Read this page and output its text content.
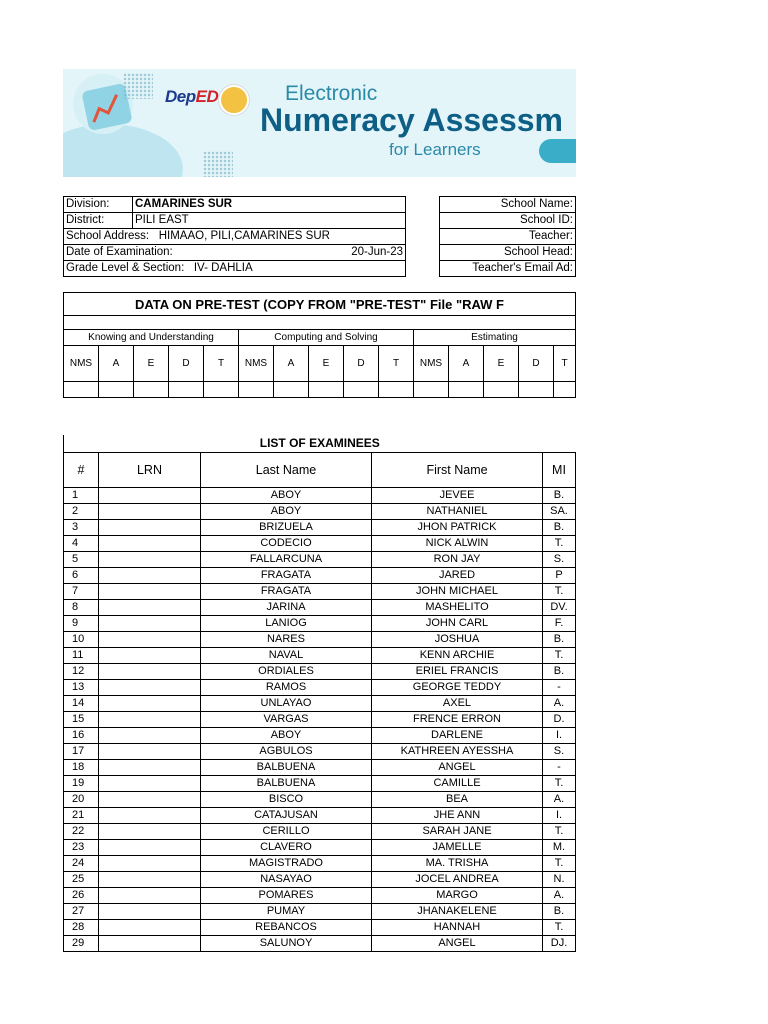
DepED	Electronic
Numeracy Assessm
for Learners
Division:	CAMARINES SUR
District:	PILI EAST
School Address: HIMAAO, PILI,CAMARINES SUR	
Date of Examination: 20-Jun-23	

Grade Level & Section: IV- DAHLIA	
School Name:
School ID:
Teacher:
School Head:
Teacher's Email Ad:
DATA ON PRE-TEST (COPY FROM "PRE-TEST" File "RAW F														

Knowing and Understanding					Computing and Solving					Estimating				
NMS	A	E	D	T	NMS	A	E	D	T	NMS	A	E	D	T

LIST OF EXAMINEES				
#	LRN	Last Name	First Name	MI
1		ABOY	JEVEE	B.
2		ABOY	NATHANIEL	SA.
3		BRIZUELA	JHON PATRICK	B.
4		CODECIO	NICK ALWIN	T.
5		FALLARCUNA	RON JAY	S.
6		FRAGATA	JARED	P
7		FRAGATA	JOHN MICHAEL	T.
8		JARINA	MASHELITO	DV.
9		LANIOG	JOHN CARL	F.
10		NARES	JOSHUA	B.
11		NAVAL	KENN ARCHIE	T.
12		ORDIALES	ERIEL FRANCIS	B.
13		RAMOS	GEORGE TEDDY	-
14		UNLAYAO	AXEL	A.
15		VARGAS	FRENCE ERRON	D.
16		ABOY	DARLENE	I.
17		AGBULOS	KATHREEN AYESSHA	S.
18		BALBUENA	ANGEL	-
19		BALBUENA	CAMILLE	T.
20		BISCO	BEA	A.
21		CATAJUSAN	JHE ANN	I.
22		CERILLO	SARAH JANE	T.
23		CLAVERO	JAMELLE	M.
24		MAGISTRADO	MA. TRISHA	T.
25		NASAYAO	JOCEL ANDREA	N.
26		POMARES	MARGO	A.
27		PUMAY	JHANAKELENE	B.
28		REBANCOS	HANNAH	T.
29		SALUNOY	ANGEL	DJ.
